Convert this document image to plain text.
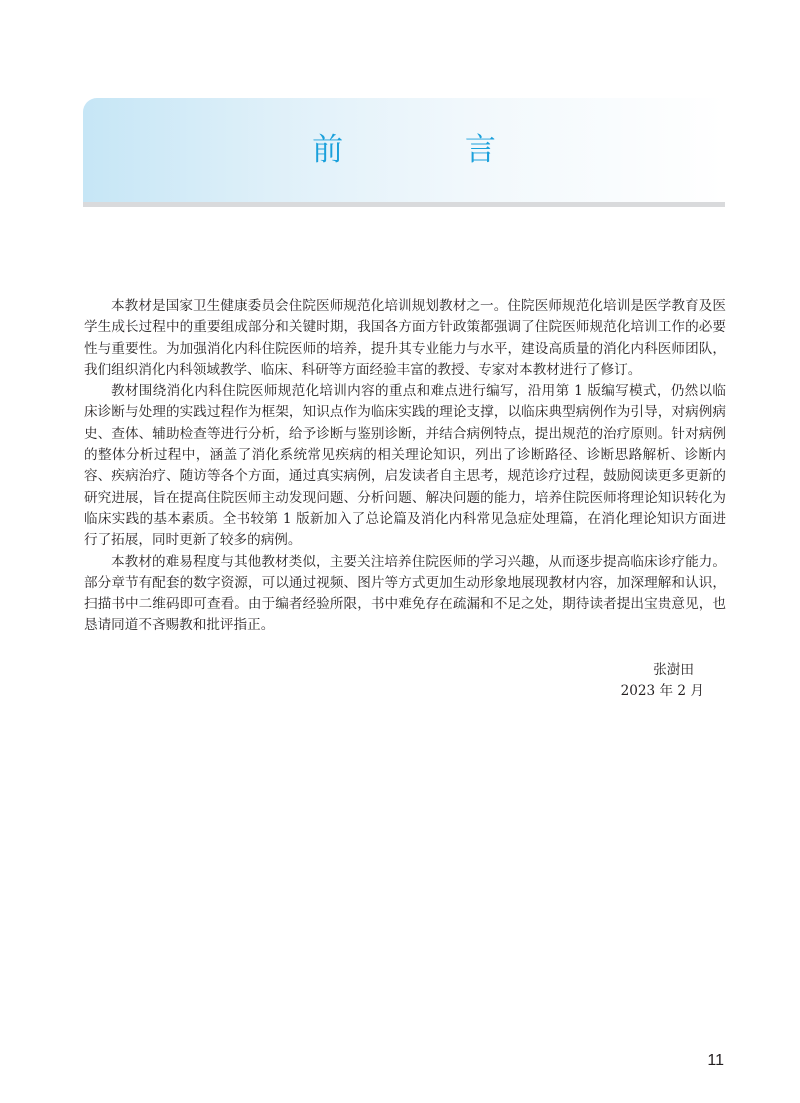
前 言

本教材是国家卫生健康委员会住院医师规范化培训规划教材之一。住院医师规范化培训是医学教育及医学生成长过程中的重要组成部分和关键时期，我国各方面方针政策都强调了住院医师规范化培训工作的必要性与重要性。为加强消化内科住院医师的培养，提升其专业能力与水平，建设高质量的消化内科医师团队，我们组织消化内科领域教学、临床、科研等方面经验丰富的教授、专家对本教材进行了修订。

教材围绕消化内科住院医师规范化培训内容的重点和难点进行编写，沿用第 1 版编写模式，仍然以临床诊断与处理的实践过程作为框架，知识点作为临床实践的理论支撑，以临床典型病例作为引导，对病例病史、查体、辅助检查等进行分析，给予诊断与鉴别诊断，并结合病例特点，提出规范的治疗原则。针对病例的整体分析过程中，涵盖了消化系统常见疾病的相关理论知识，列出了诊断路径、诊断思路解析、诊断内容、疾病治疗、随访等各个方面，通过真实病例，启发读者自主思考，规范诊疗过程，鼓励阅读更多更新的研究进展，旨在提高住院医师主动发现问题、分析问题、解决问题的能力，培养住院医师将理论知识转化为临床实践的基本素质。全书较第 1 版新加入了总论篇及消化内科常见急症处理篇，在消化理论知识方面进行了拓展，同时更新了较多的病例。

本教材的难易程度与其他教材类似，主要关注培养住院医师的学习兴趣，从而逐步提高临床诊疗能力。部分章节有配套的数字资源，可以通过视频、图片等方式更加生动形象地展现教材内容，加深理解和认识，扫描书中二维码即可查看。由于编者经验所限，书中难免存在疏漏和不足之处，期待读者提出宝贵意见，也恳请同道不吝赐教和批评指正。

张澍田
2023 年 2 月
11
